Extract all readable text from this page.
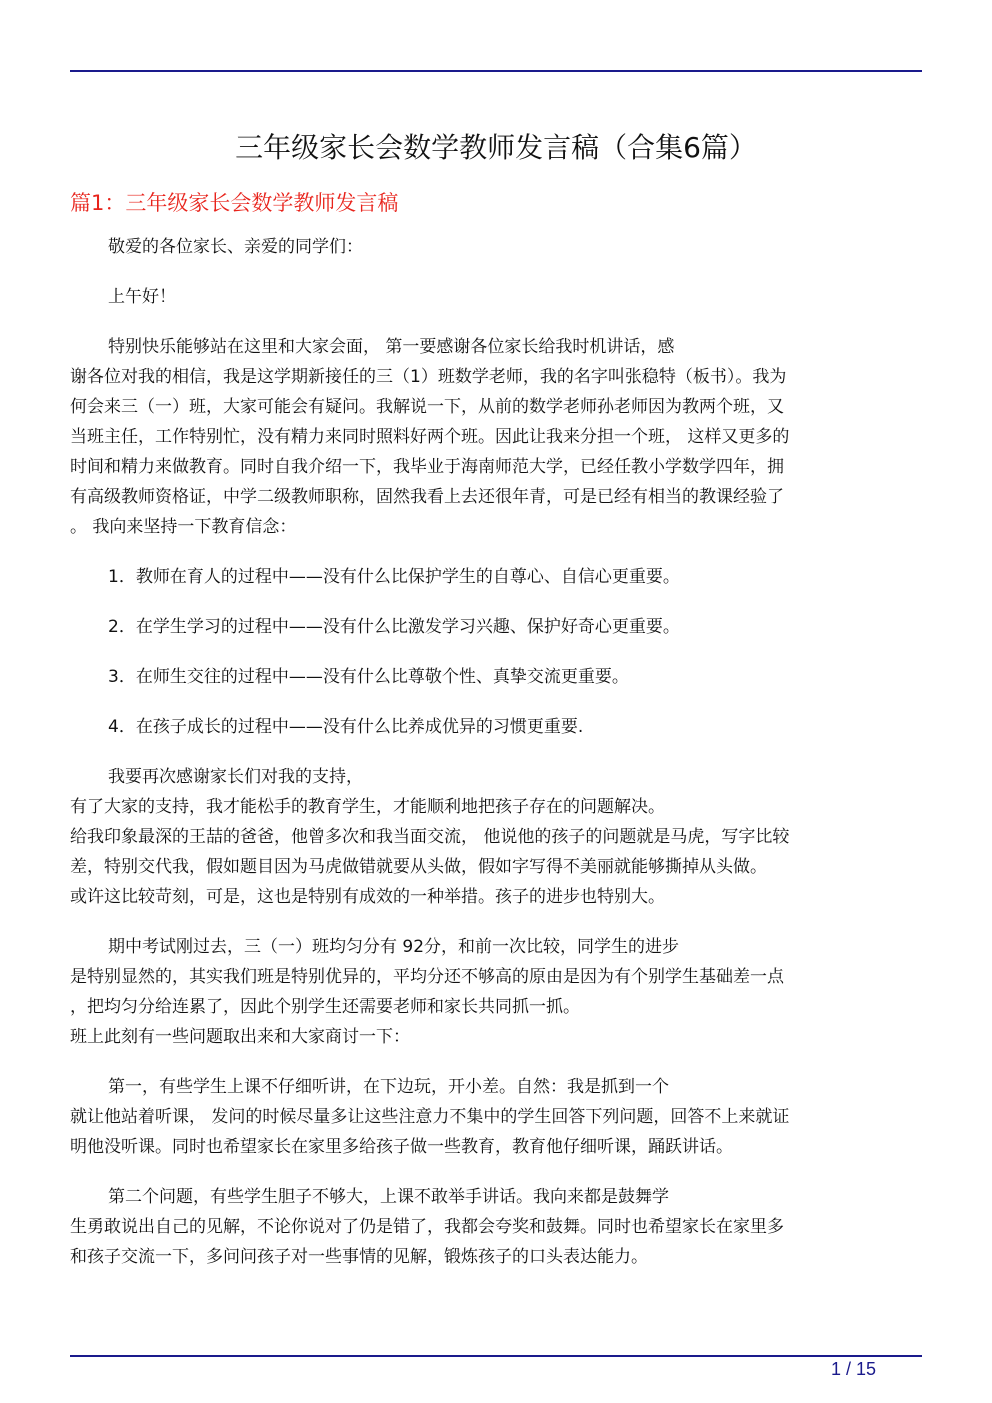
三年级家长会数学教师发言稿（合集6篇）
篇1：三年级家长会数学教师发言稿
敬爱的各位家长、亲爱的同学们：
上午好！
特别快乐能够站在这里和大家会面， 第一要感谢各位家长给我时机讲话，感
谢各位对我的相信，我是这学期新接任的三（1）班数学老师，我的名字叫张稳特（板书）。我为
何会来三（一）班，大家可能会有疑问。我解说一下，从前的数学老师孙老师因为教两个班，又
当班主任，工作特别忙，没有精力来同时照料好两个班。因此让我来分担一个班， 这样又更多的
时间和精力来做教育。同时自我介绍一下，我毕业于海南师范大学，已经任教小学数学四年，拥
有高级教师资格证，中学二级教师职称，固然我看上去还很年青，可是已经有相当的教课经验了
。 我向来坚持一下教育信念：
1．教师在育人的过程中——没有什么比保护学生的自尊心、自信心更重要。
2．在学生学习的过程中——没有什么比激发学习兴趣、保护好奇心更重要。
3．在师生交往的过程中——没有什么比尊敬个性、真挚交流更重要。
4．在孩子成长的过程中——没有什么比养成优异的习惯更重要.
我要再次感谢家长们对我的支持，
有了大家的支持，我才能松手的教育学生，才能顺利地把孩子存在的问题解决。
给我印象最深的王喆的爸爸，他曾多次和我当面交流， 他说他的孩子的问题就是马虎，写字比较
差，特别交代我，假如题目因为马虎做错就要从头做，假如字写得不美丽就能够撕掉从头做。
或许这比较苛刻，可是，这也是特别有成效的一种举措。孩子的进步也特别大。
期中考试刚过去，三（一）班均匀分有 92分，和前一次比较，同学生的进步
是特别显然的，其实我们班是特别优异的，平均分还不够高的原由是因为有个别学生基础差一点
，把均匀分给连累了，因此个别学生还需要老师和家长共同抓一抓。
班上此刻有一些问题取出来和大家商讨一下：
第一，有些学生上课不仔细听讲，在下边玩，开小差。自然：我是抓到一个
就让他站着听课， 发问的时候尽量多让这些注意力不集中的学生回答下列问题，回答不上来就证
明他没听课。同时也希望家长在家里多给孩子做一些教育，教育他仔细听课，踊跃讲话。
第二个问题，有些学生胆子不够大，上课不敢举手讲话。我向来都是鼓舞学
生勇敢说出自己的见解，不论你说对了仍是错了，我都会夸奖和鼓舞。同时也希望家长在家里多
和孩子交流一下，多问问孩子对一些事情的见解，锻炼孩子的口头表达能力。
1 / 15
